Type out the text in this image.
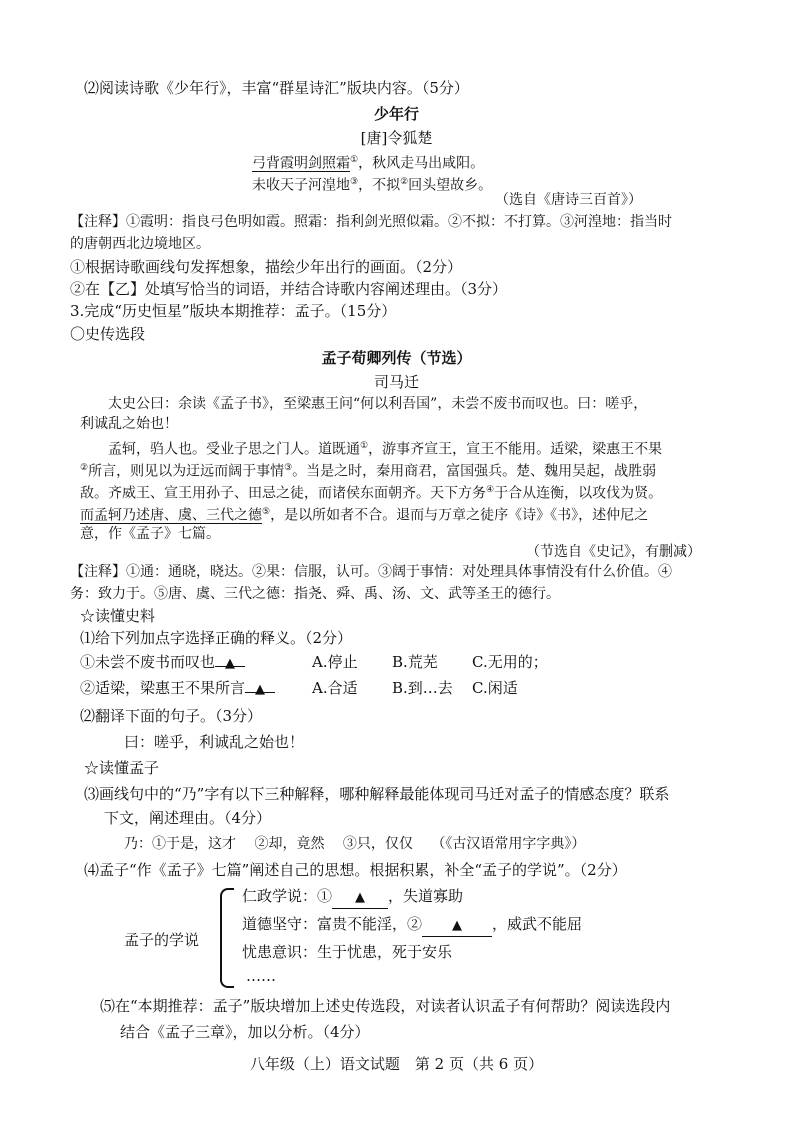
⑵阅读诗歌《少年行》，丰富“群星诗汇”版块内容。（5分）
少年行
[唐]令狐楚
弓背霞明剑照霜①，秋风走马出咸阳。
未收天子河湟地③，不拟②回头望故乡。
（选自《唐诗三百首》）
【注释】①霞明：指良弓色明如霞。照霜：指利剑光照似霜。②不拟：不打算。③河湟地：指当时
的唐朝西北边境地区。
①根据诗歌画线句发挥想象，描绘少年出行的画面。（2分）
②在【乙】处填写恰当的词语，并结合诗歌内容阐述理由。（3分）
3.完成“历史恒星”版块本期推荐：孟子。（15分）
〇史传选段
孟子荀卿列传（节选）
司马迁
太史公曰：余读《孟子书》，至梁惠王问“何以利吾国”，未尝不废书而叹也。曰：嗟乎，
利诚乱之始也！
孟轲，驺人也。受业子思之门人。道既通①，游事齐宣王，宣王不能用。适梁，梁惠王不果
②所言，则见以为迂远而阔于事情③。当是之时，秦用商君，富国强兵。楚、魏用吴起，战胜弱
敌。齐威王、宣王用孙子、田忌之徒，而诸侯东面朝齐。天下方务④于合从连衡，以攻伐为贤。
而孟轲乃述唐、虞、三代之德⑤，是以所如者不合。退而与万章之徒序《诗》《书》，述仲尼之
意，作《孟子》七篇。
（节选自《史记》，有删减）
【注释】①通：通晓，晓达。②果：信服，认可。③阔于事情：对处理具体事情没有什么价值。④
务：致力于。⑤唐、虞、三代之德：指尧、舜、禹、汤、文、武等圣王的德行。
☆读懂史料
⑴给下列加点字选择正确的释义。（2分）
①未尝不废书而叹也 ▲	A.停止 B.荒芜 C.无用的；
②适梁，梁惠王不果所言 ▲	A.合适 B.到…去 C.闲适
⑵翻译下面的句子。（3分）
曰：嗟乎，利诚乱之始也！
☆读懂孟子
⑶画线句中的“乃”字有以下三种解释，哪种解释最能体现司马迁对孟子的情感态度？联系
下文，阐述理由。（4分）
乃：①于是，这才　 ②却，竟然　 ③只，仅仅　 （《古汉语常用字字典》）
⑷孟子“作《孟子》七篇”阐述自己的思想。根据积累，补全“孟子的学说”。（2分）
孟子的学说
仁政学说：① ▲ ，失道寡助
道德坚守：富贵不能淫，② ▲ ，威武不能屈
忧患意识：生于忧患，死于安乐
……
⑸在“本期推荐：孟子”版块增加上述史传选段，对读者认识孟子有何帮助？阅读选段内
结合《孟子三章》，加以分析。（4分）
八年级（上）语文试题　第 2 页（共 6 页）
